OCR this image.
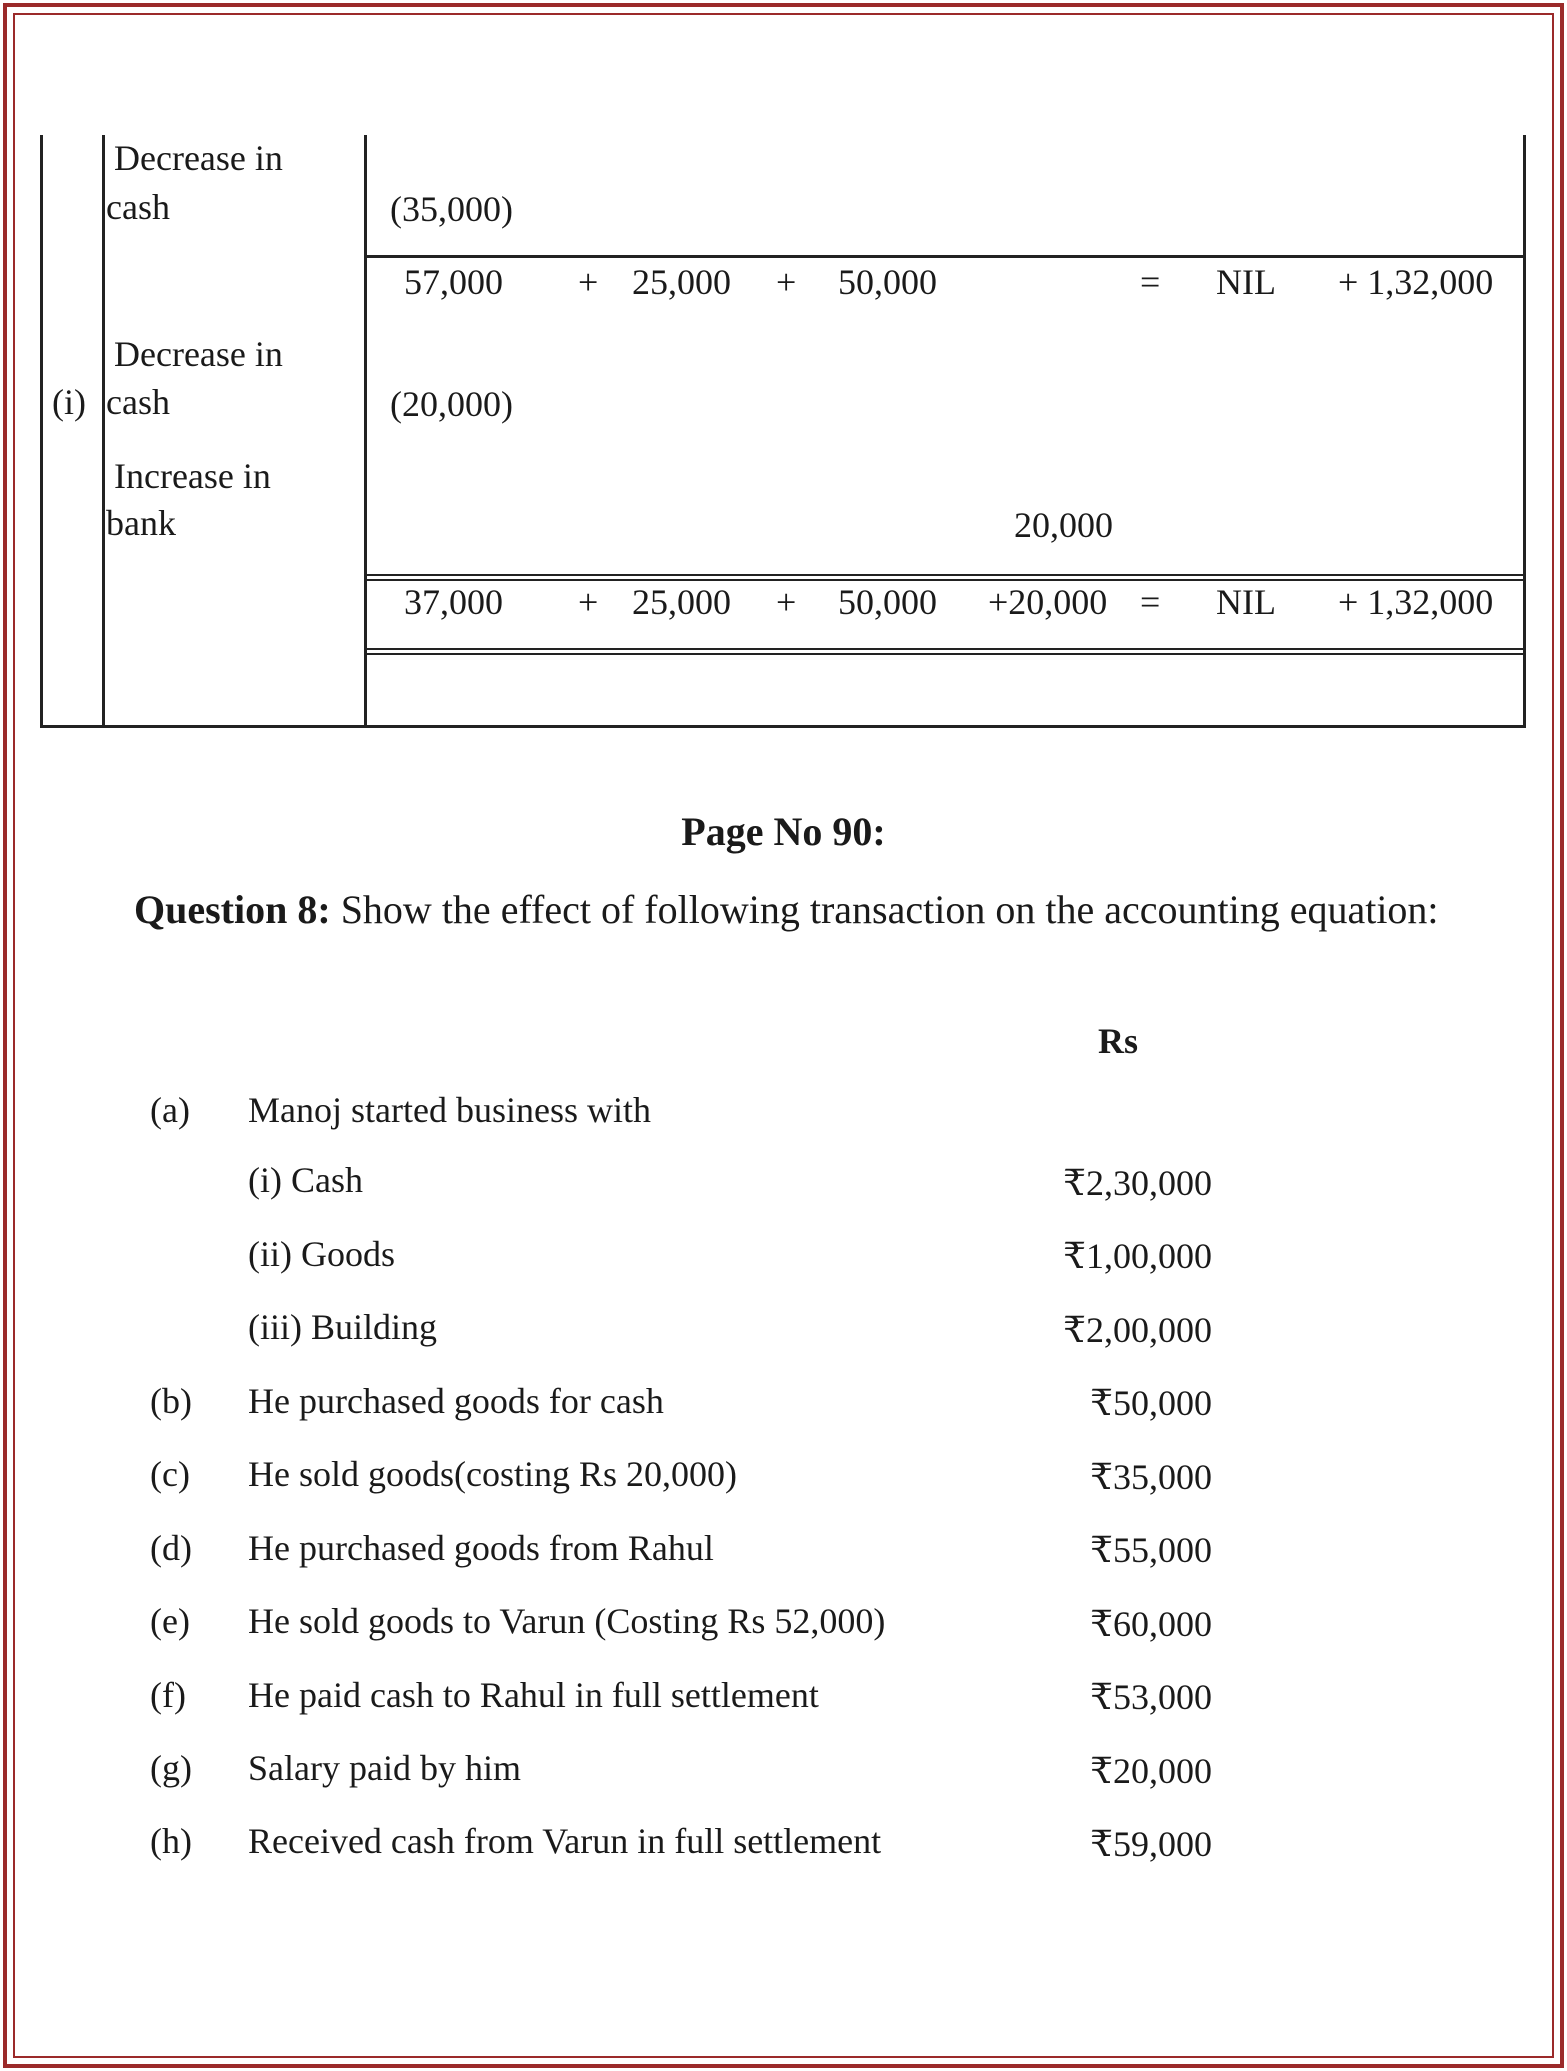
Decrease in
cash	(35,000)
57,000 + 25,000 + 50,000	= NIL + 1,32,000
Decrease in
(i) cash	(20,000)
Increase in
bank	20,000
37,000 + 25,000 + 50,000 +20,000 = NIL + 1,32,000
Page No 90:
Question 8: Show the effect of following transaction on the accounting equation:
Rs
(a) Manoj started business with
(i) Cash	₹2,30,000
(ii) Goods	₹1,00,000
(iii) Building	₹2,00,000
(b) He purchased goods for cash	₹50,000
(c) He sold goods(costing Rs 20,000)	₹35,000
(d) He purchased goods from Rahul	₹55,000
(e) He sold goods to Varun (Costing Rs 52,000)	₹60,000
(f) He paid cash to Rahul in full settlement	₹53,000
(g) Salary paid by him	₹20,000
(h) Received cash from Varun in full settlement	₹59,000
